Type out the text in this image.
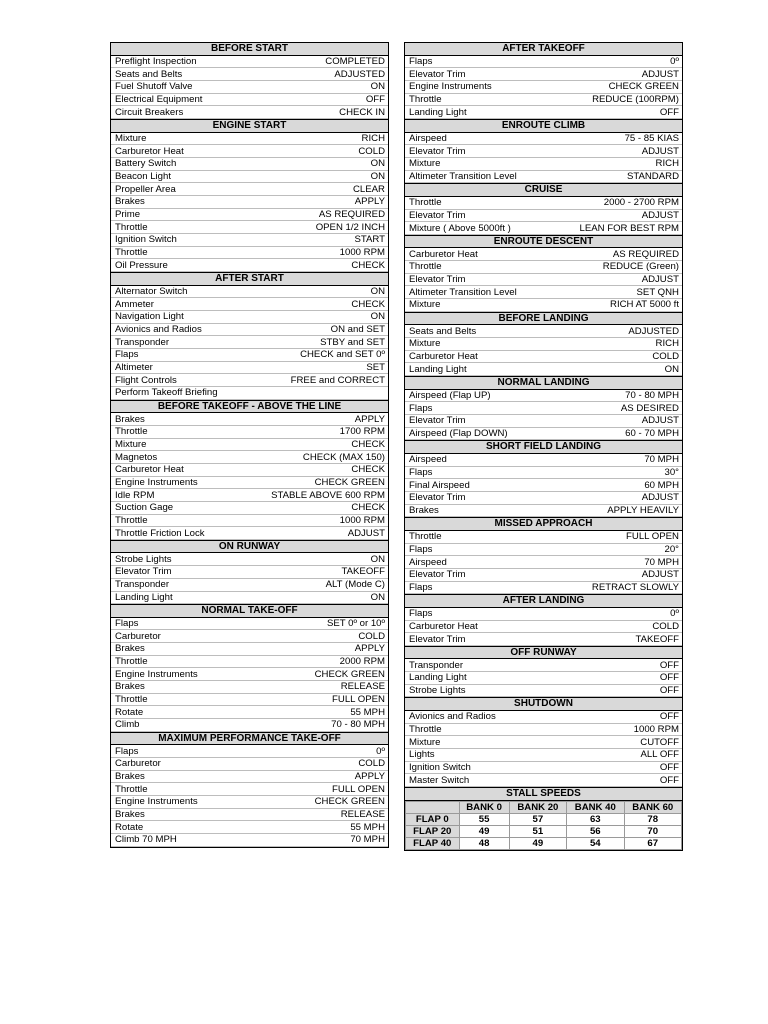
BEFORE START
Preflight Inspection	COMPLETED
Seats and Belts	ADJUSTED
Fuel Shutoff Valve	ON
Electrical Equipment	OFF
Circuit Breakers	CHECK IN
ENGINE START
Mixture	RICH
Carburetor Heat	COLD
Battery Switch	ON
Beacon Light	ON
Propeller Area	CLEAR
Brakes	APPLY
Prime	AS REQUIRED
Throttle	OPEN 1/2 INCH
Ignition Switch	START
Throttle	1000 RPM
Oil Pressure	CHECK
AFTER START
Alternator Switch	ON
Ammeter	CHECK
Navigation Light	ON
Avionics and Radios	ON and SET
Transponder	STBY and SET
Flaps	CHECK and SET 0º
Altimeter	SET
Flight Controls	FREE and CORRECT
Perform Takeoff Briefing
BEFORE TAKEOFF - ABOVE THE LINE
Brakes	APPLY
Throttle	1700 RPM
Mixture	CHECK
Magnetos	CHECK (MAX 150)
Carburetor Heat	CHECK
Engine Instruments	CHECK GREEN
Idle RPM	STABLE ABOVE 600 RPM
Suction Gage	CHECK
Throttle	1000 RPM
Throttle Friction Lock	ADJUST
ON RUNWAY
Strobe Lights	ON
Elevator Trim	TAKEOFF
Transponder	ALT (Mode C)
Landing Light	ON
NORMAL TAKE-OFF
Flaps	SET 0º or 10º
Carburetor	COLD
Brakes	APPLY
Throttle	2000 RPM
Engine Instruments	CHECK GREEN
Brakes	RELEASE
Throttle	FULL OPEN
Rotate	55 MPH
Climb	70 - 80 MPH
MAXIMUM PERFORMANCE TAKE-OFF
Flaps	0º
Carburetor	COLD
Brakes	APPLY
Throttle	FULL OPEN
Engine Instruments	CHECK GREEN
Brakes	RELEASE
Rotate	55 MPH
Climb 70 MPH	70 MPH
AFTER TAKEOFF
Flaps	0º
Elevator Trim	ADJUST
Engine Instruments	CHECK GREEN
Throttle	REDUCE (100RPM)
Landing Light	OFF
ENROUTE CLIMB
Airspeed	75 - 85 KIAS
Elevator Trim	ADJUST
Mixture	RICH
Altimeter Transition Level	STANDARD
CRUISE
Throttle	2000 - 2700 RPM
Elevator Trim	ADJUST
Mixture ( Above 5000ft )	LEAN FOR BEST RPM
ENROUTE DESCENT
Carburetor Heat	AS REQUIRED
Throttle	REDUCE (Green)
Elevator Trim	ADJUST
Altimeter Transition Level	SET QNH
Mixture	RICH AT 5000 ft
BEFORE LANDING
Seats and Belts	ADJUSTED
Mixture	RICH
Carburetor Heat	COLD
Landing Light	ON
NORMAL LANDING
Airspeed (Flap UP)	70 - 80 MPH
Flaps	AS DESIRED
Elevator Trim	ADJUST
Airspeed (Flap DOWN)	60 - 70 MPH
SHORT FIELD LANDING
Airspeed	70 MPH
Flaps	30°
Final Airspeed	60 MPH
Elevator Trim	ADJUST
Brakes	APPLY HEAVILY
MISSED APPROACH
Throttle	FULL OPEN
Flaps	20°
Airspeed	70 MPH
Elevator Trim	ADJUST
Flaps	RETRACT SLOWLY
AFTER LANDING
Flaps	0º
Carburetor Heat	COLD
Elevator Trim	TAKEOFF
OFF RUNWAY
Transponder	OFF
Landing Light	OFF
Strobe Lights	OFF
SHUTDOWN
Avionics and Radios	OFF
Throttle	1000 RPM
Mixture	CUTOFF
Lights	ALL OFF
Ignition Switch	OFF
Master Switch	OFF
STALL SPEEDS
	BANK 0	BANK 20	BANK 40	BANK 60
FLAP 0	55	57	63	78
FLAP 20	49	51	56	70
FLAP 40	48	49	54	67
